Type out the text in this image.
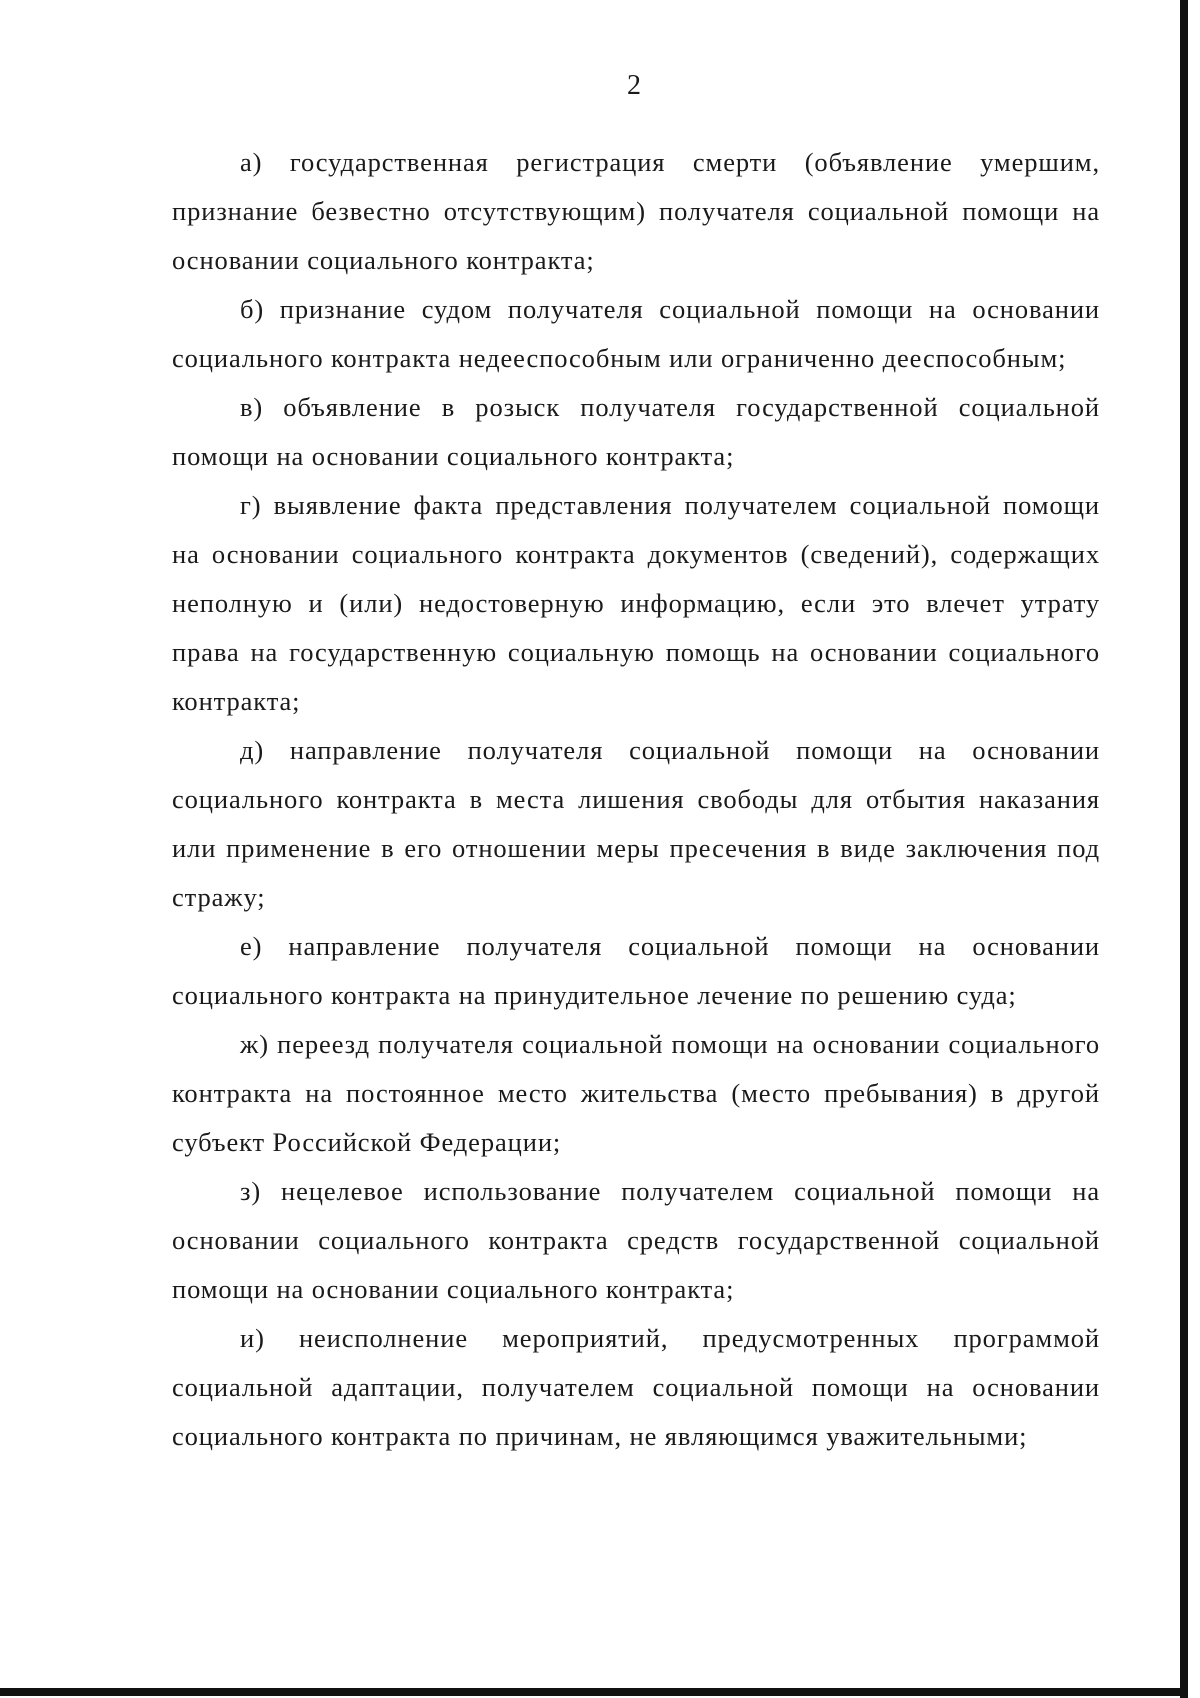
2

а) государственная регистрация смерти (объявление умершим, признание безвестно отсутствующим) получателя социальной помощи на основании социального контракта;

б) признание судом получателя социальной помощи на основании социального контракта недееспособным или ограниченно дееспособным;

в) объявление в розыск получателя государственной социальной помощи на основании социального контракта;

г) выявление факта представления получателем социальной помощи на основании социального контракта документов (сведений), содержащих неполную и (или) недостоверную информацию, если это влечет утрату права на государственную социальную помощь на основании социального контракта;

д) направление получателя социальной помощи на основании социального контракта в места лишения свободы для отбытия наказания или применение в его отношении меры пресечения в виде заключения под стражу;

е) направление получателя социальной помощи на основании социального контракта на принудительное лечение по решению суда;

ж) переезд получателя социальной помощи на основании социального контракта на постоянное место жительства (место пребывания) в другой субъект Российской Федерации;

з) нецелевое использование получателем социальной помощи на основании социального контракта средств государственной социальной помощи на основании социального контракта;

и) неисполнение мероприятий, предусмотренных программой социальной адаптации, получателем социальной помощи на основании социального контракта по причинам, не являющимся уважительными;
